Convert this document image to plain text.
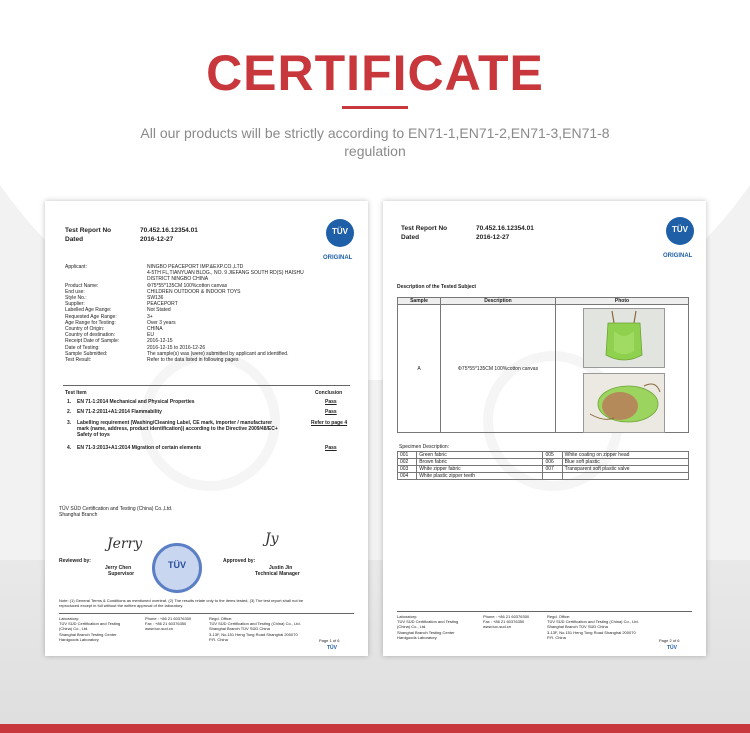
CERTIFICATE
All our products will be strictly according to EN71-1,EN71-2,EN71-3,EN71-8 regulation
Test Report No	70.452.16.12354.01
Dated	2016-12-27
TÜV
ORIGINAL
Applicant:	NINGBO PEACEPORT IMP.&EXP.CO.,LTD
4-5TH FL,TIANYUAN BLDG., NO. 9 JIEFANG SOUTH RD(S) HAISHU
DISTRICT NINGBO CHINA
Product Name:	Φ75*55*135CM 100%cotton canvas
End use:	CHILDREN OUTDOOR & INDOOR TOYS
Style No.:	SW136
Supplier:	PEACEPORT
Labelled Age Range:	Not Stated
Requested Age Range:	3+
Age Range for Testing:	Over 3 years
Country of Origin:	CHINA
Country of destination:	EU
Receipt Date of Sample:	2016-12-15
Date of Testing:	2016-12-15 to 2016-12-26
Sample Submitted:	The sample(s) was (were) submitted by applicant and identified.
Test Result:	Refer to the data listed in following pages
Test Item	Conclusion
1. EN 71-1:2014 Mechanical and Physical Properties	Pass
2. EN 71-2:2011+A1:2014 Flammability	Pass
3. Labelling requirement (Washing/Cleaning Label, CE mark, importer / manufacturer	Refer to page 4
mark (name, address, product identification)) according to the Directive 2009/48/EC+
Safety of toys
4. EN 71-3:2013+A1:2014 Migration of certain elements	Pass
TÜV SÜD Certification and Testing (China) Co.,Ltd.
Shanghai Branch
Reviewed by:
Jerry
Jerry Chen
Supervisor
TÜV	Approved by:
Jy
Justin Jin
Technical Manager
Note: (1) General Terms & Conditions as mentioned overleaf, (2) The results relate only to the items tested, (3) The test report shall not be
reproduced except in full without the written approval of the laboratory.
Laboratory:	Phone : +86 21 60376300	Regd. Office:
TÜV SÜD Certification and Testing	Fax : +86 21 60376350	TÜV SÜD Certification and Testing (China) Co., Ltd.
(China) Co., Ltd.	www.tuv-sud.cn	Shanghai Branch TÜV SÜD China
Shanghai Branch Testing Center	3-13F, No.151 Heng Tong Road Shanghai 200070
Hardgoods Laboratory	P.R. China	Page 1 of 6
TÜV
Test Report No	70.452.16.12354.01
Dated	2016-12-27
TÜV
ORIGINAL
Description of the Tested Subject
Sample	Description	Photo
A	Φ75*55*135CM 100%cotton canvas	
Specimen Description:
001	Green fabric	005	White coating on zipper head
002	Brown fabric	006	Blue soft plastic
003	White zipper fabric	007	Transparent soft plastic valve
004	White plastic zipper teeth		
Laboratory:	Phone : +86 21 60376300	Regd. Office:
TÜV SÜD Certification and Testing	Fax : +86 21 60376350	TÜV SÜD Certification and Testing (China) Co., Ltd.
(China) Co., Ltd.	www.tuv-sud.cn	Shanghai Branch TÜV SÜD China
Shanghai Branch Testing Center	3-13F, No.151 Heng Tong Road Shanghai 200070
Hardgoods Laboratory	P.R. China
Page 2 of 6
TÜV
